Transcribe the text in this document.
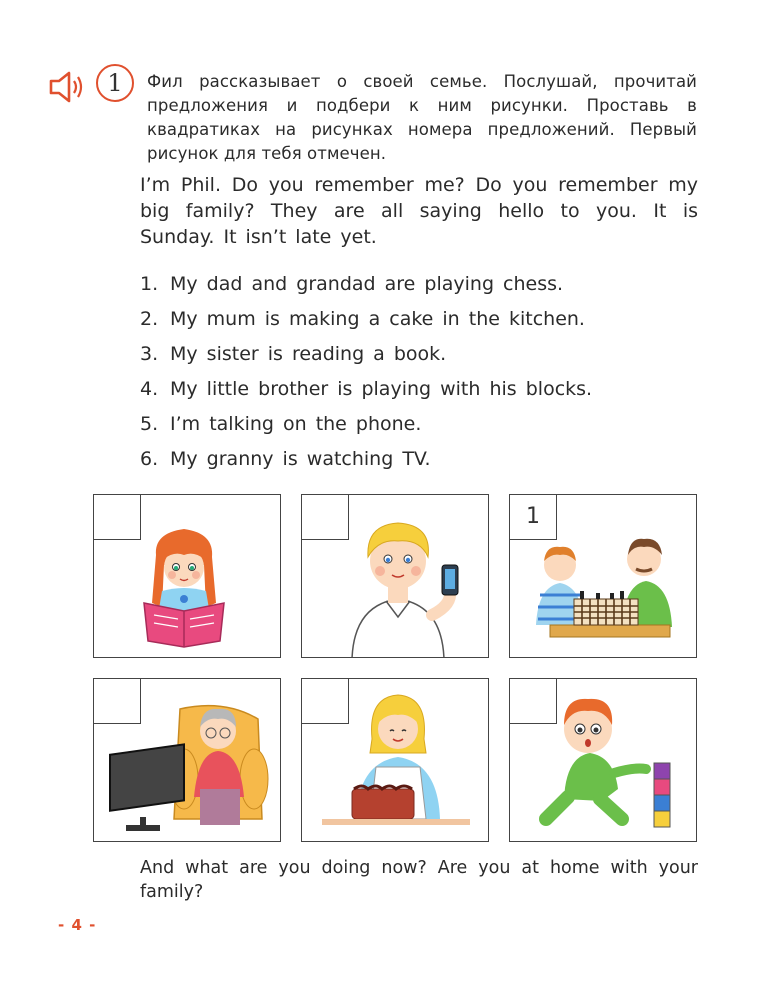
1	Фил рассказывает о своей семье. Послушай, прочитай предложения и подбери к ним рисунки. Проставь в квадратиках на рисунках номера предложений. Первый рисунок для тебя отмечен.
I’m Phil. Do you remember me? Do you remember my big family? They are all saying hello to you. It is Sunday. It isn’t late yet.
1. My dad and grandad are playing chess.
2. My mum is making a cake in the kitchen.
3. My sister is reading a book.
4. My little brother is playing with his blocks.
5. I’m talking on the phone.
6. My granny is watching TV.
1
And what are you doing now? Are you at home with your family?
- 4 -
